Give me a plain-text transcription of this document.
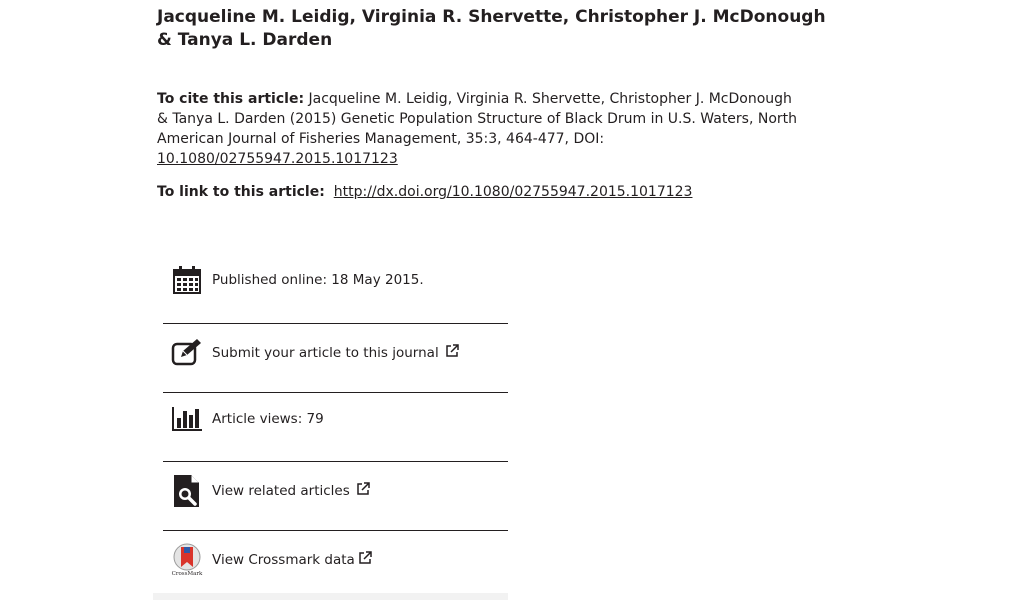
Jacqueline M. Leidig, Virginia R. Shervette, Christopher J. McDonough & Tanya L. Darden
To cite this article: Jacqueline M. Leidig, Virginia R. Shervette, Christopher J. McDonough & Tanya L. Darden (2015) Genetic Population Structure of Black Drum in U.S. Waters, North American Journal of Fisheries Management, 35:3, 464-477, DOI:
10.1080/02755947.2015.1017123
To link to this article: http://dx.doi.org/10.1080/02755947.2015.1017123
Published online: 18 May 2015.
Submit your article to this journal
Article views: 79
View related articles
CrossMark
View Crossmark data
